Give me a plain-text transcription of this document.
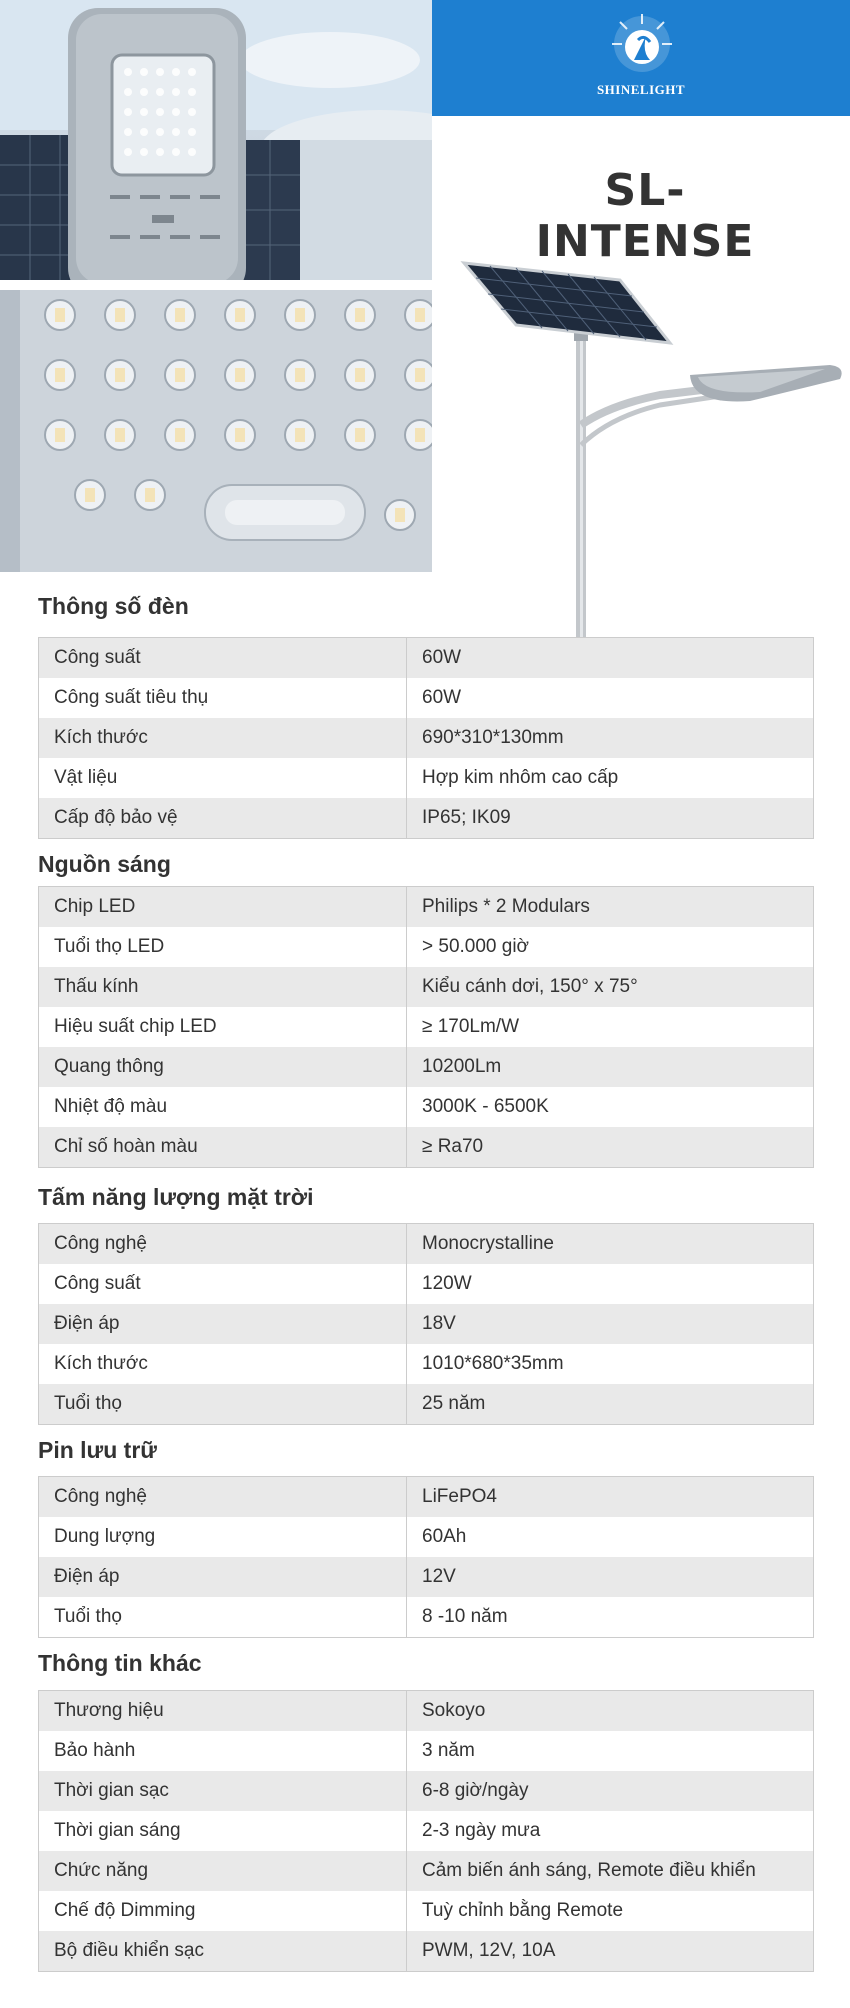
SHINELIGHT
SL-INTENSE
Thông số đèn
Công suất	60W
Công suất tiêu thụ	60W
Kích thước	690*310*130mm
Vật liệu	Hợp kim nhôm cao cấp
Cấp độ bảo vệ	IP65; IK09
Nguồn sáng
Chip LED	Philips * 2 Modulars
Tuổi thọ LED	> 50.000 giờ
Thấu kính	Kiểu cánh dơi, 150° x 75°
Hiệu suất chip LED	≥ 170Lm/W
Quang thông	10200Lm
Nhiệt độ màu	3000K - 6500K
Chỉ số hoàn màu	≥ Ra70
Tấm năng lượng mặt trời
Công nghệ	Monocrystalline
Công suất	120W
Điện áp	18V
Kích thước	1010*680*35mm
Tuổi thọ	25 năm
Pin lưu trữ
Công nghệ	LiFePO4
Dung lượng	60Ah
Điện áp	12V
Tuổi thọ	8 -10 năm
Thông tin khác
Thương hiệu	Sokoyo
Bảo hành	3 năm
Thời gian sạc	6-8 giờ/ngày
Thời gian sáng	2-3 ngày mưa
Chức năng	Cảm biến ánh sáng, Remote điều khiển
Chế độ Dimming	Tuỳ chỉnh bằng Remote
Bộ điều khiển sạc	PWM, 12V, 10A
